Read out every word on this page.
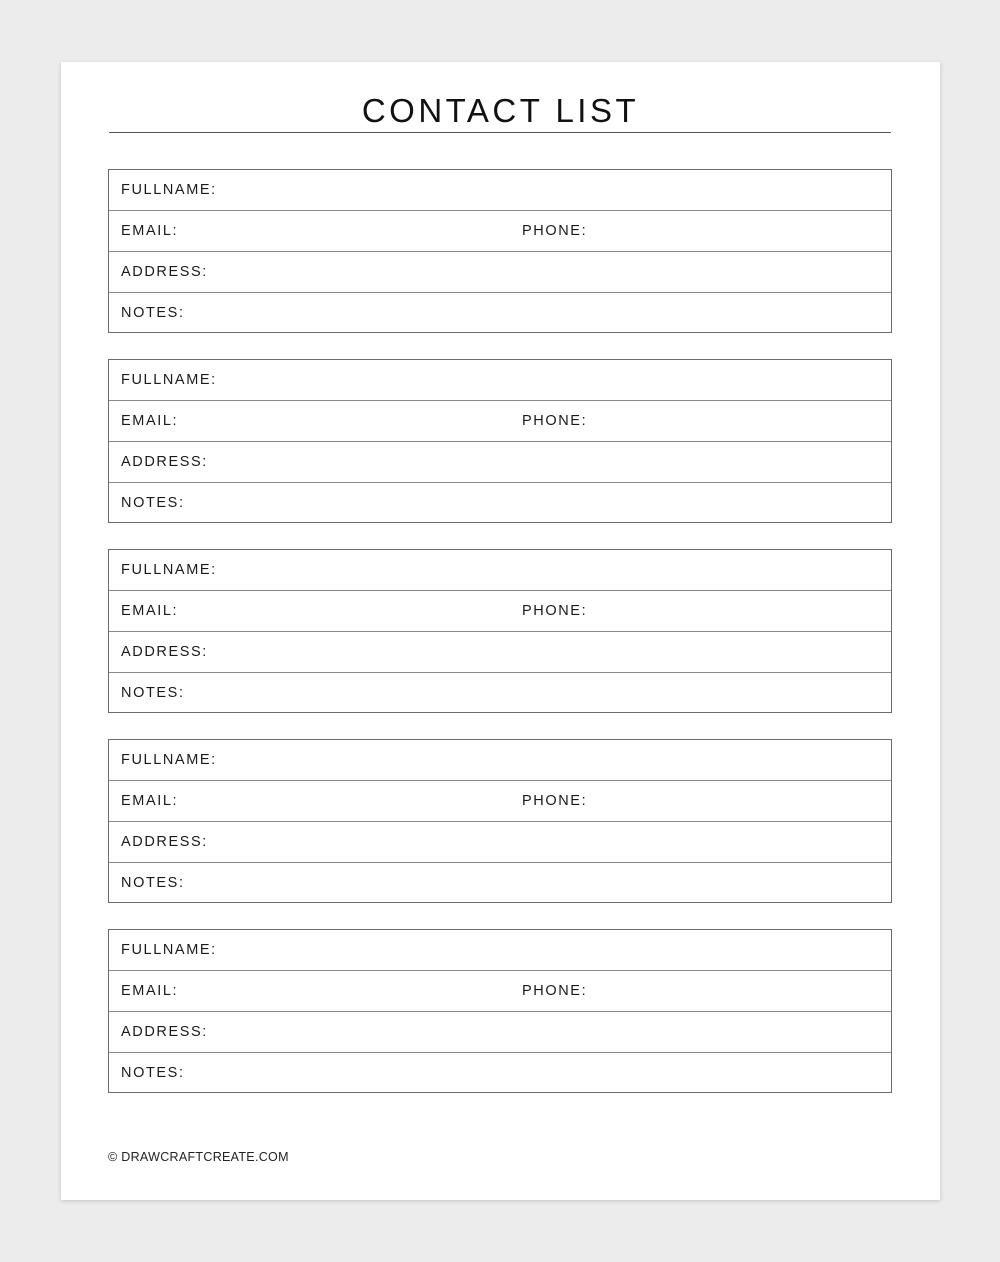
CONTACT LIST
FULLNAME:
EMAIL:	PHONE:
ADDRESS:
NOTES:
FULLNAME:
EMAIL:	PHONE:
ADDRESS:
NOTES:
FULLNAME:
EMAIL:	PHONE:
ADDRESS:
NOTES:
FULLNAME:
EMAIL:	PHONE:
ADDRESS:
NOTES:
FULLNAME:
EMAIL:	PHONE:
ADDRESS:
NOTES:
© DRAWCRAFTCREATE.COM
